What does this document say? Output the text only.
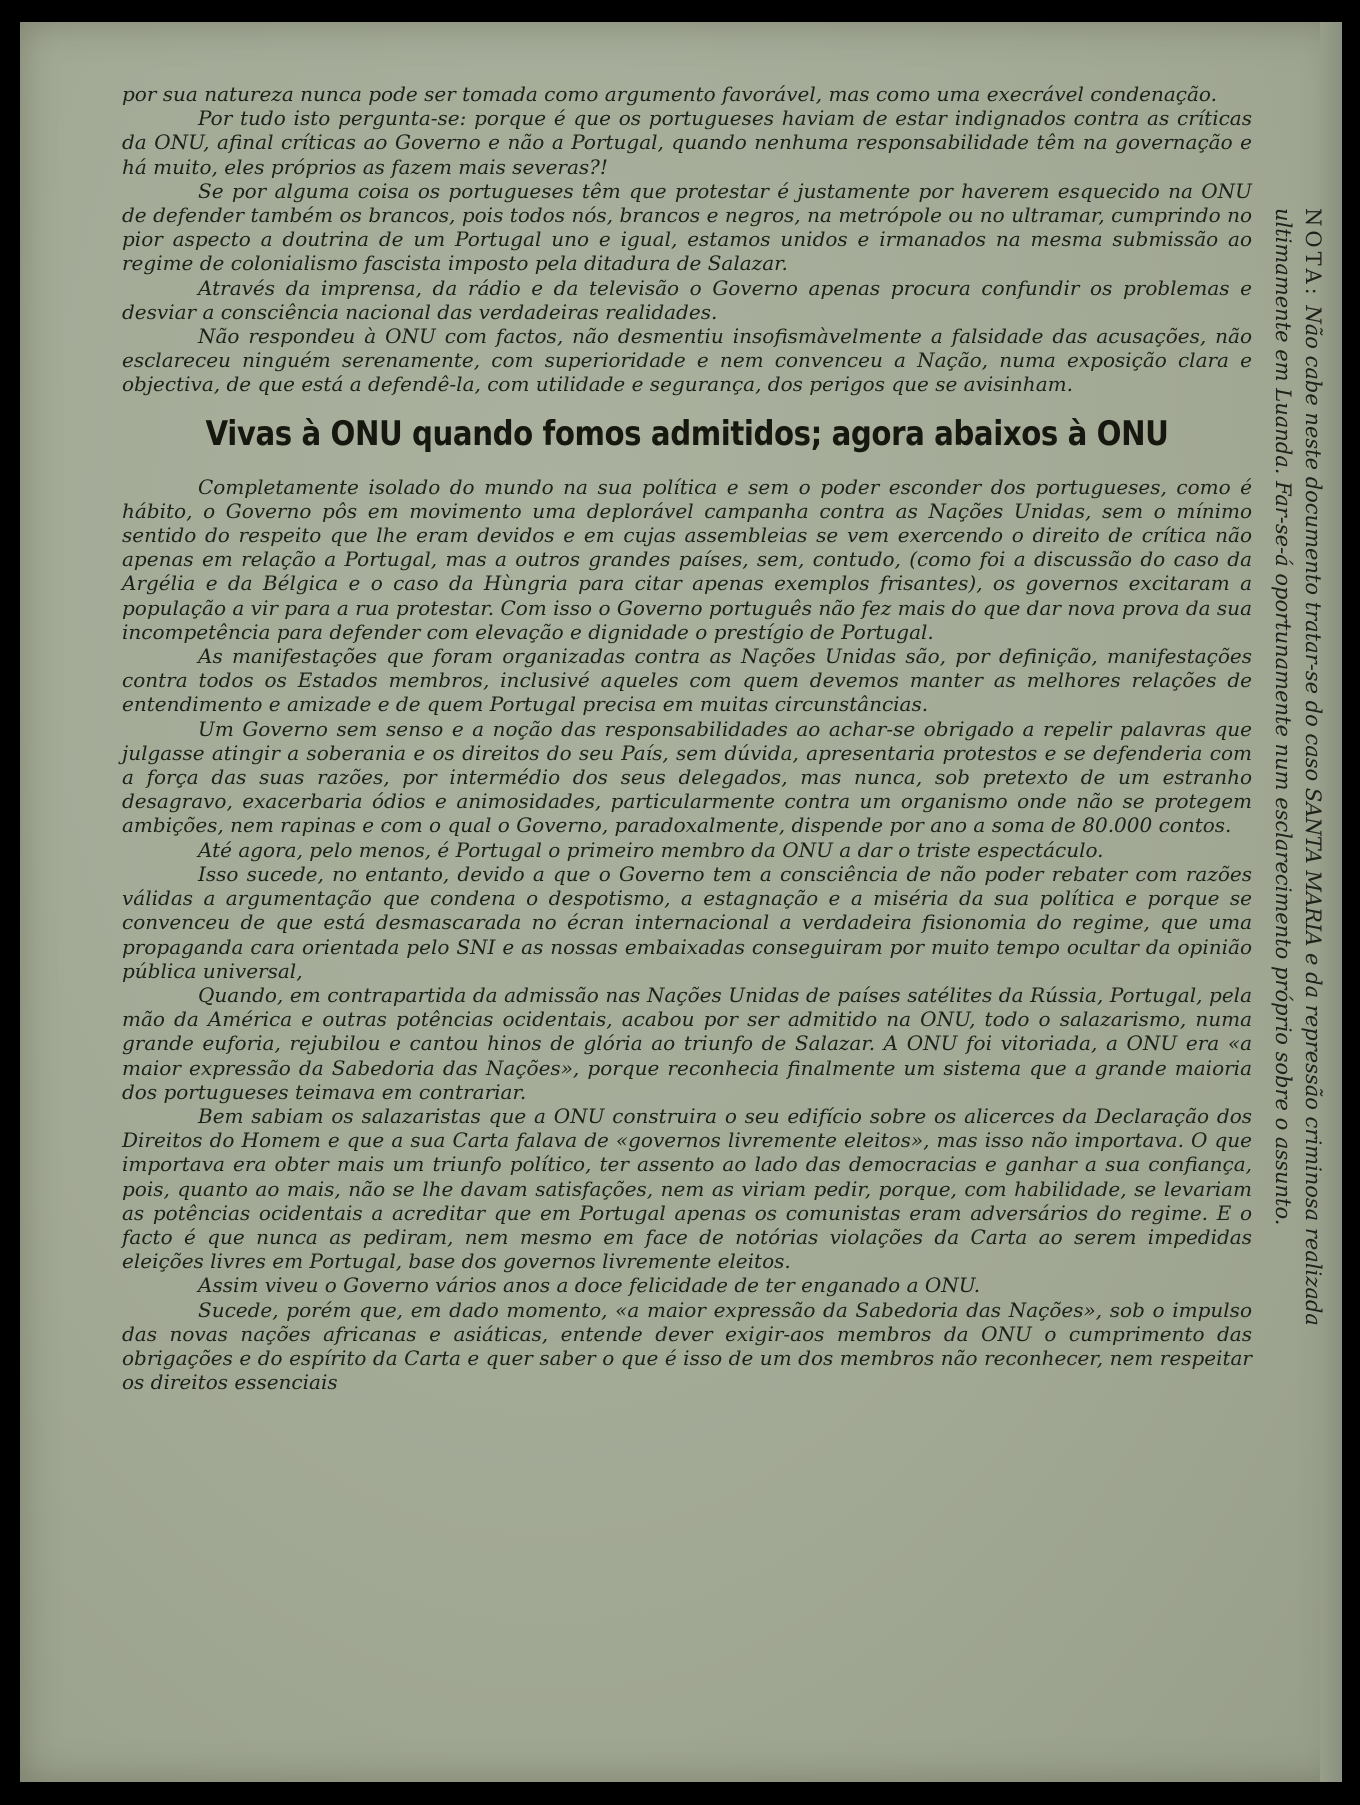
por sua natureza nunca pode ser tomada como argumento favorável, mas como uma execrável condenação.

Por tudo isto pergunta-se: porque é que os portugueses haviam de estar indignados contra as críticas da ONU, afinal críticas ao Governo e não a Portugal, quando nenhuma responsabilidade têm na governação e há muito, eles próprios as fazem mais severas?!

Se por alguma coisa os portugueses têm que protestar é justamente por haverem esquecido na ONU de defender também os brancos, pois todos nós, brancos e negros, na metrópole ou no ultramar, cumprindo no pior aspecto a doutrina de um Portugal uno e igual, estamos unidos e irmanados na mesma submissão ao regime de colonialismo fascista imposto pela ditadura de Salazar.

Através da imprensa, da rádio e da televisão o Governo apenas procura confundir os problemas e desviar a consciência nacional das verdadeiras realidades.

Não respondeu à ONU com factos, não desmentiu insofismàvelmente a falsidade das acusações, não esclareceu ninguém serenamente, com superioridade e nem convenceu a Nação, numa exposição clara e objectiva, de que está a defendê-la, com utilidade e segurança, dos perigos que se avisinham.

Vivas à ONU quando fomos admitidos; agora abaixos à ONU

Completamente isolado do mundo na sua política e sem o poder esconder dos portugueses, como é hábito, o Governo pôs em movimento uma deplorável campanha contra as Nações Unidas, sem o mínimo sentido do respeito que lhe eram devidos e em cujas assembleias se vem exercendo o direito de crítica não apenas em relação a Portugal, mas a outros grandes países, sem, contudo, (como foi a discussão do caso da Argélia e da Bélgica e o caso da Hùngria para citar apenas exemplos frisantes), os governos excitaram a população a vir para a rua protestar. Com isso o Governo português não fez mais do que dar nova prova da sua incompetência para defender com elevação e dignidade o prestígio de Portugal.

As manifestações que foram organizadas contra as Nações Unidas são, por definição, manifestações contra todos os Estados membros, inclusivé aqueles com quem devemos manter as melhores relações de entendimento e amizade e de quem Portugal precisa em muitas circunstâncias.

Um Governo sem senso e a noção das responsabilidades ao achar-se obrigado a repelir palavras que julgasse atingir a soberania e os direitos do seu País, sem dúvida, apresentaria protestos e se defenderia com a força das suas razões, por intermédio dos seus delegados, mas nunca, sob pretexto de um estranho desagravo, exacerbaria ódios e animosidades, particularmente contra um organismo onde não se protegem ambições, nem rapinas e com o qual o Governo, paradoxalmente, dispende por ano a soma de 80.000 contos.

Até agora, pelo menos, é Portugal o primeiro membro da ONU a dar o triste espectáculo.

Isso sucede, no entanto, devido a que o Governo tem a consciência de não poder rebater com razões válidas a argumentação que condena o despotismo, a estagnação e a miséria da sua política e porque se convenceu de que está desmascarada no écran internacional a verdadeira fisionomia do regime, que uma propaganda cara orientada pelo SNI e as nossas embaixadas conseguiram por muito tempo ocultar da opinião pública universal,

Quando, em contrapartida da admissão nas Nações Unidas de países satélites da Rússia, Portugal, pela mão da América e outras potências ocidentais, acabou por ser admitido na ONU, todo o salazarismo, numa grande euforia, rejubilou e cantou hinos de glória ao triunfo de Salazar. A ONU foi vitoriada, a ONU era «a maior expressão da Sabedoria das Nações», porque reconhecia finalmente um sistema que a grande maioria dos portugueses teimava em contrariar.

Bem sabiam os salazaristas que a ONU construira o seu edifício sobre os alicerces da Declaração dos Direitos do Homem e que a sua Carta falava de «governos livremente eleitos», mas isso não importava. O que importava era obter mais um triunfo político, ter assento ao lado das democracias e ganhar a sua confiança, pois, quanto ao mais, não se lhe davam satisfações, nem as viriam pedir, porque, com habilidade, se levariam as potências ocidentais a acreditar que em Portugal apenas os comunistas eram adversários do regime. E o facto é que nunca as pediram, nem mesmo em face de notórias violações da Carta ao serem impedidas eleições livres em Portugal, base dos governos livremente eleitos.

Assim viveu o Governo vários anos a doce felicidade de ter enganado a ONU.

Sucede, porém que, em dado momento, «a maior expressão da Sabedoria das Nações», sob o impulso das novas nações africanas e asiáticas, entende dever exigir-aos membros da ONU o cumprimento das obrigações e do espírito da Carta e quer saber o que é isso de um dos membros não reconhecer, nem respeitar os direitos essenciais

NOTA: Não cabe neste documento tratar-se do caso SANTA MARIA e da repressão criminosa realizada
ultimamente em Luanda. Far-se-á oportunamente num esclarecimento próprio sobre o assunto.
